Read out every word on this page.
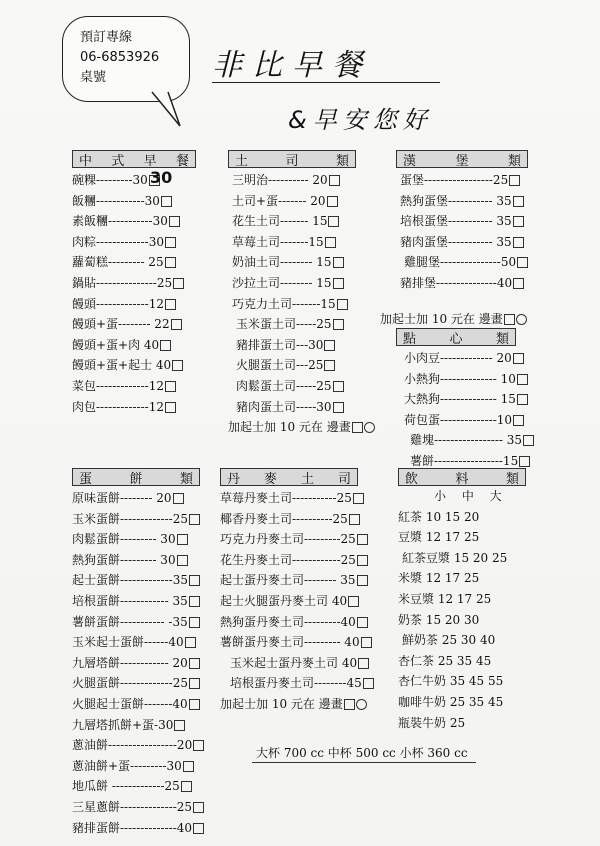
預訂專線
06-6853926
桌號	非比早餐
&早安您好
中 式 早 餐
碗粿---------30 30
飯糰------------30
素飯糰-----------30
肉粽-------------30
蘿蔔糕--------- 25
鍋貼---------------25
饅頭-------------12
饅頭+蛋-------- 22
饅頭+蛋+肉 40
饅頭+蛋+起士 40
菜包-------------12
肉包-------------12
土	司	類
三明治---------- 20
土司+蛋------- 20
花生土司------- 15
草莓土司-------15
奶油土司-------- 15
沙拉土司-------- 15
巧克力土司-------15
玉米蛋土司-----25
豬排蛋土司---30
火腿蛋土司---25
肉鬆蛋土司-----25
豬肉蛋土司-----30
加起士加 10 元在 邊畫
漢	堡	類
蛋堡-----------------25
熱狗蛋堡----------- 35
培根蛋堡----------- 35
豬肉蛋堡----------- 35
雞腿堡---------------50
豬排堡---------------40
加起士加 10 元在 邊畫
點	心	類
小肉豆------------- 20
小熱狗-------------- 10
大熱狗-------------- 15
荷包蛋--------------10
雞塊----------------- 35
薯餅-----------------15
蛋	餅	類
原味蛋餅-------- 20
玉米蛋餅-------------25
肉鬆蛋餅--------- 30
熱狗蛋餅--------- 30
起士蛋餅-------------35
培根蛋餅------------ 35
薯餅蛋餅----------- -35
玉米起士蛋餅------40
九層塔餅------------ 20
火腿蛋餅-------------25
火腿起士蛋餅-------40
九層塔抓餅+蛋-30
蔥油餅-----------------20
蔥油餅+蛋---------30
地瓜餅 -------------25
三星蔥餅--------------25
豬排蛋餅--------------40
丹 麥 土 司
草莓丹麥土司-----------25
椰香丹麥土司----------25
巧克力丹麥土司---------25
花生丹麥土司------------25
起士蛋丹麥土司-------- 35
起士火腿蛋丹麥土司 40
熱狗蛋丹麥土司---------40
薯餅蛋丹麥土司--------- 40
玉米起士蛋丹麥土司 40
培根蛋丹麥土司--------45
加起士加 10 元在 邊畫
飲	料	類
小 中 大
紅茶 10 15 20
豆漿 12 17 25
紅茶豆漿 15 20 25
米漿 12 17 25
米豆漿 12 17 25
奶茶 15 20 30
鮮奶茶 25 30 40
杏仁茶 25 35 45
杏仁牛奶 35 45 55
咖啡牛奶 25 35 45
瓶裝牛奶 25
大杯 700 cc 中杯 500 cc 小杯 360 cc
